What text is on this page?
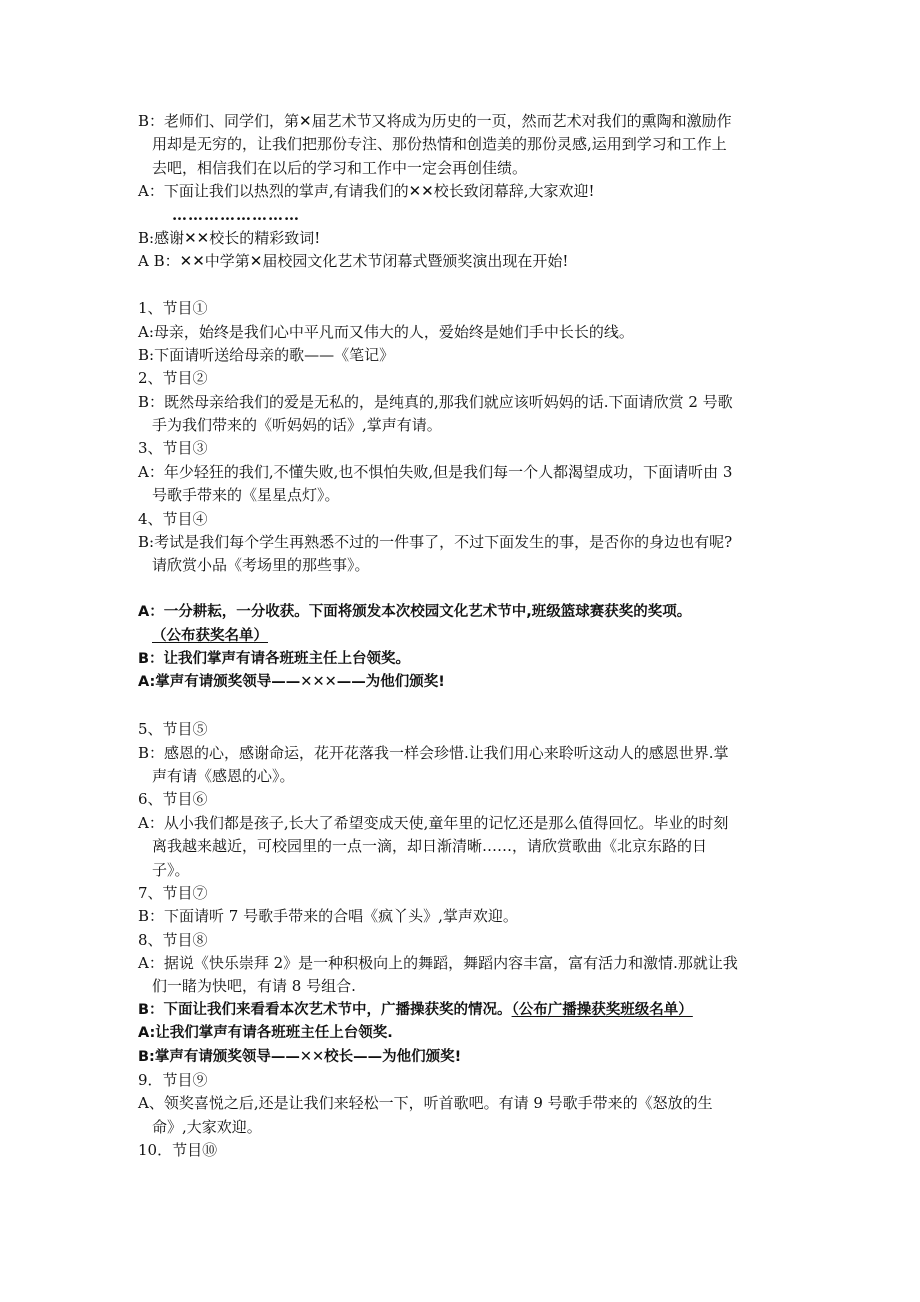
B：老师们、同学们，第✕届艺术节又将成为历史的一页，然而艺术对我们的熏陶和激励作
用却是无穷的，让我们把那份专注、那份热情和创造美的那份灵感,运用到学习和工作上
去吧，相信我们在以后的学习和工作中一定会再创佳绩。
A：下面让我们以热烈的掌声,有请我们的✕✕校长致闭幕辞,大家欢迎!
……………………
B:感谢✕✕校长的精彩致词!
A B：✕✕中学第✕届校园文化艺术节闭幕式暨颁奖演出现在开始!
1、节目①
A:母亲，始终是我们心中平凡而又伟大的人，爱始终是她们手中长长的线。
B:下面请听送给母亲的歌——《笔记》
2、节目②
B：既然母亲给我们的爱是无私的，是纯真的,那我们就应该听妈妈的话.下面请欣赏 2 号歌
手为我们带来的《听妈妈的话》,掌声有请。
3、节目③
A：年少轻狂的我们,不懂失败,也不惧怕失败,但是我们每一个人都渴望成功，下面请听由 3
号歌手带来的《星星点灯》。
4、节目④
B:考试是我们每个学生再熟悉不过的一件事了，不过下面发生的事，是否你的身边也有呢?
请欣赏小品《考场里的那些事》。
A：一分耕耘，一分收获。下面将颁发本次校园文化艺术节中,班级篮球赛获奖的奖项。
（公布获奖名单）
B：让我们掌声有请各班班主任上台领奖。
A:掌声有请颁奖领导——✕✕✕——为他们颁奖!
5、节目⑤
B：感恩的心，感谢命运，花开花落我一样会珍惜.让我们用心来聆听这动人的感恩世界.掌
声有请《感恩的心》。
6、节目⑥
A：从小我们都是孩子,长大了希望变成天使,童年里的记忆还是那么值得回忆。毕业的时刻
离我越来越近，可校园里的一点一滴，却日渐清晰……，请欣赏歌曲《北京东路的日
子》。
7、节目⑦
B：下面请听 7 号歌手带来的合唱《疯丫头》,掌声欢迎。
8、节目⑧
A：据说《快乐崇拜 2》是一种积极向上的舞蹈，舞蹈内容丰富，富有活力和激情.那就让我
们一睹为快吧，有请 8 号组合.
B：下面让我们来看看本次艺术节中，广播操获奖的情况。（公布广播操获奖班级名单）
A:让我们掌声有请各班班主任上台领奖.
B:掌声有请颁奖领导——✕✕校长——为他们颁奖!
9．节目⑨
A、领奖喜悦之后,还是让我们来轻松一下，听首歌吧。有请 9 号歌手带来的《怒放的生
命》,大家欢迎。
10．节目⑩
